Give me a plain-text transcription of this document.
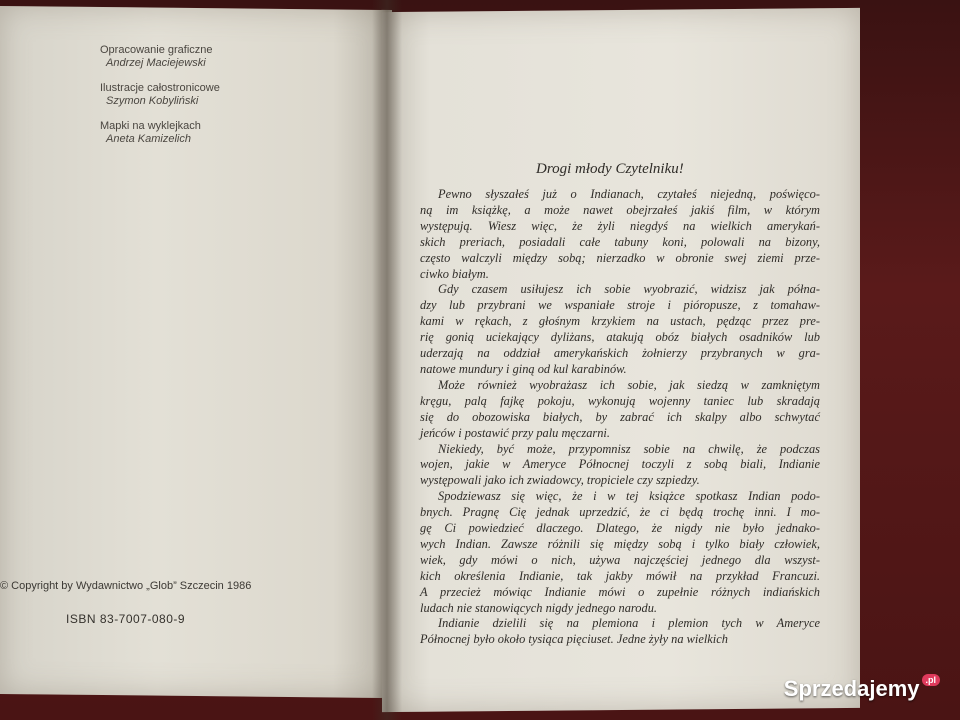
Opracowanie graficzne
Andrzej Maciejewski
Ilustracje całostronicowe
Szymon Kobyliński
Mapki na wyklejkach
Aneta Kamizelich
© Copyright by Wydawnictwo „Glob” Szczecin 1986
ISBN 83-7007-080-9
Drogi młody Czytelniku!
Pewno słyszałeś już o Indianach, czytałeś niejedną, poświęco-
ną im książkę, a może nawet obejrzałeś jakiś film, w którym
występują. Wiesz więc, że żyli niegdyś na wielkich amerykań-
skich preriach, posiadali całe tabuny koni, polowali na bizony,
często walczyli między sobą; nierzadko w obronie swej ziemi prze-
ciwko białym.
Gdy czasem usiłujesz ich sobie wyobrazić, widzisz jak półna-
dzy lub przybrani we wspaniałe stroje i pióropusze, z tomahaw-
kami w rękach, z głośnym krzykiem na ustach, pędząc przez pre-
rię gonią uciekający dyliżans, atakują obóz białych osadników lub
uderzają na oddział amerykańskich żołnierzy przybranych w gra-
natowe mundury i giną od kul karabinów.
Może również wyobrażasz ich sobie, jak siedzą w zamkniętym
kręgu, palą fajkę pokoju, wykonują wojenny taniec lub skradają
się do obozowiska białych, by zabrać ich skalpy albo schwytać
jeńców i postawić przy palu męczarni.
Niekiedy, być może, przypomnisz sobie na chwilę, że podczas
wojen, jakie w Ameryce Północnej toczyli z sobą biali, Indianie
występowali jako ich zwiadowcy, tropiciele czy szpiedzy.
Spodziewasz się więc, że i w tej książce spotkasz Indian podo-
bnych. Pragnę Cię jednak uprzedzić, że ci będą trochę inni. I mo-
gę Ci powiedzieć dlaczego. Dlatego, że nigdy nie było jednako-
wych Indian. Zawsze różnili się między sobą i tylko biały człowiek,
wiek, gdy mówi o nich, używa najczęściej jednego dla wszyst-
kich określenia Indianie, tak jakby mówił na przykład Francuzi.
A przecież mówiąc Indianie mówi o zupełnie różnych indiańskich
ludach nie stanowiących nigdy jednego narodu.
Indianie dzielili się na plemiona i plemion tych w Ameryce
Północnej było około tysiąca pięciuset. Jedne żyły na wielkich
Sprzedajemy .pl
